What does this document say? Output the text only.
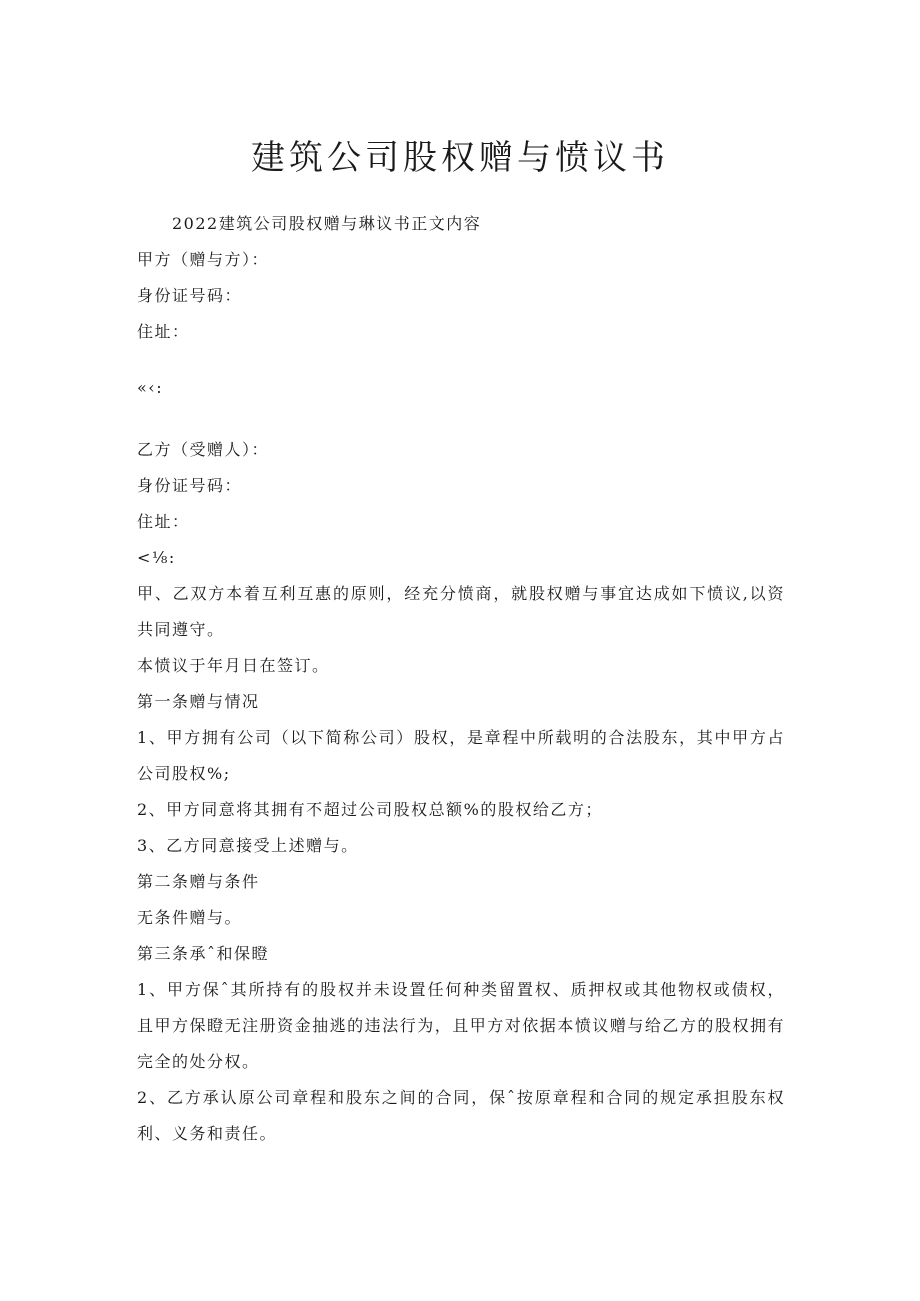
建筑公司股权赠与愤议书

2022建筑公司股权赠与琳议书正文内容

甲方（赠与方）：

身份证号码：

住址：

«‹:

乙方（受赠人）：

身份证号码：

住址：

<⅛:

甲、乙双方本着互利互惠的原则，经充分愤商，就股权赠与事宜达成如下愤议,以资共同遵守。

本愤议于年月日在签订。

第一条赠与情况

1、甲方拥有公司（以下简称公司）股权，是章程中所载明的合法股东，其中甲方占公司股权%;

2、甲方同意将其拥有不超过公司股权总额%的股权给乙方；

3、乙方同意接受上述赠与。

第二条赠与条件

无条件赠与。

第三条承ˆ和保瞪

1、甲方保ˆ其所持有的股权并未设置任何种类留置权、质押权或其他物权或债权，且甲方保瞪无注册资金抽逃的违法行为，且甲方对依据本愤议赠与给乙方的股权拥有完全的处分权。

2、乙方承认原公司章程和股东之间的合同，保ˆ按原章程和合同的规定承担股东权利、义务和责任。
